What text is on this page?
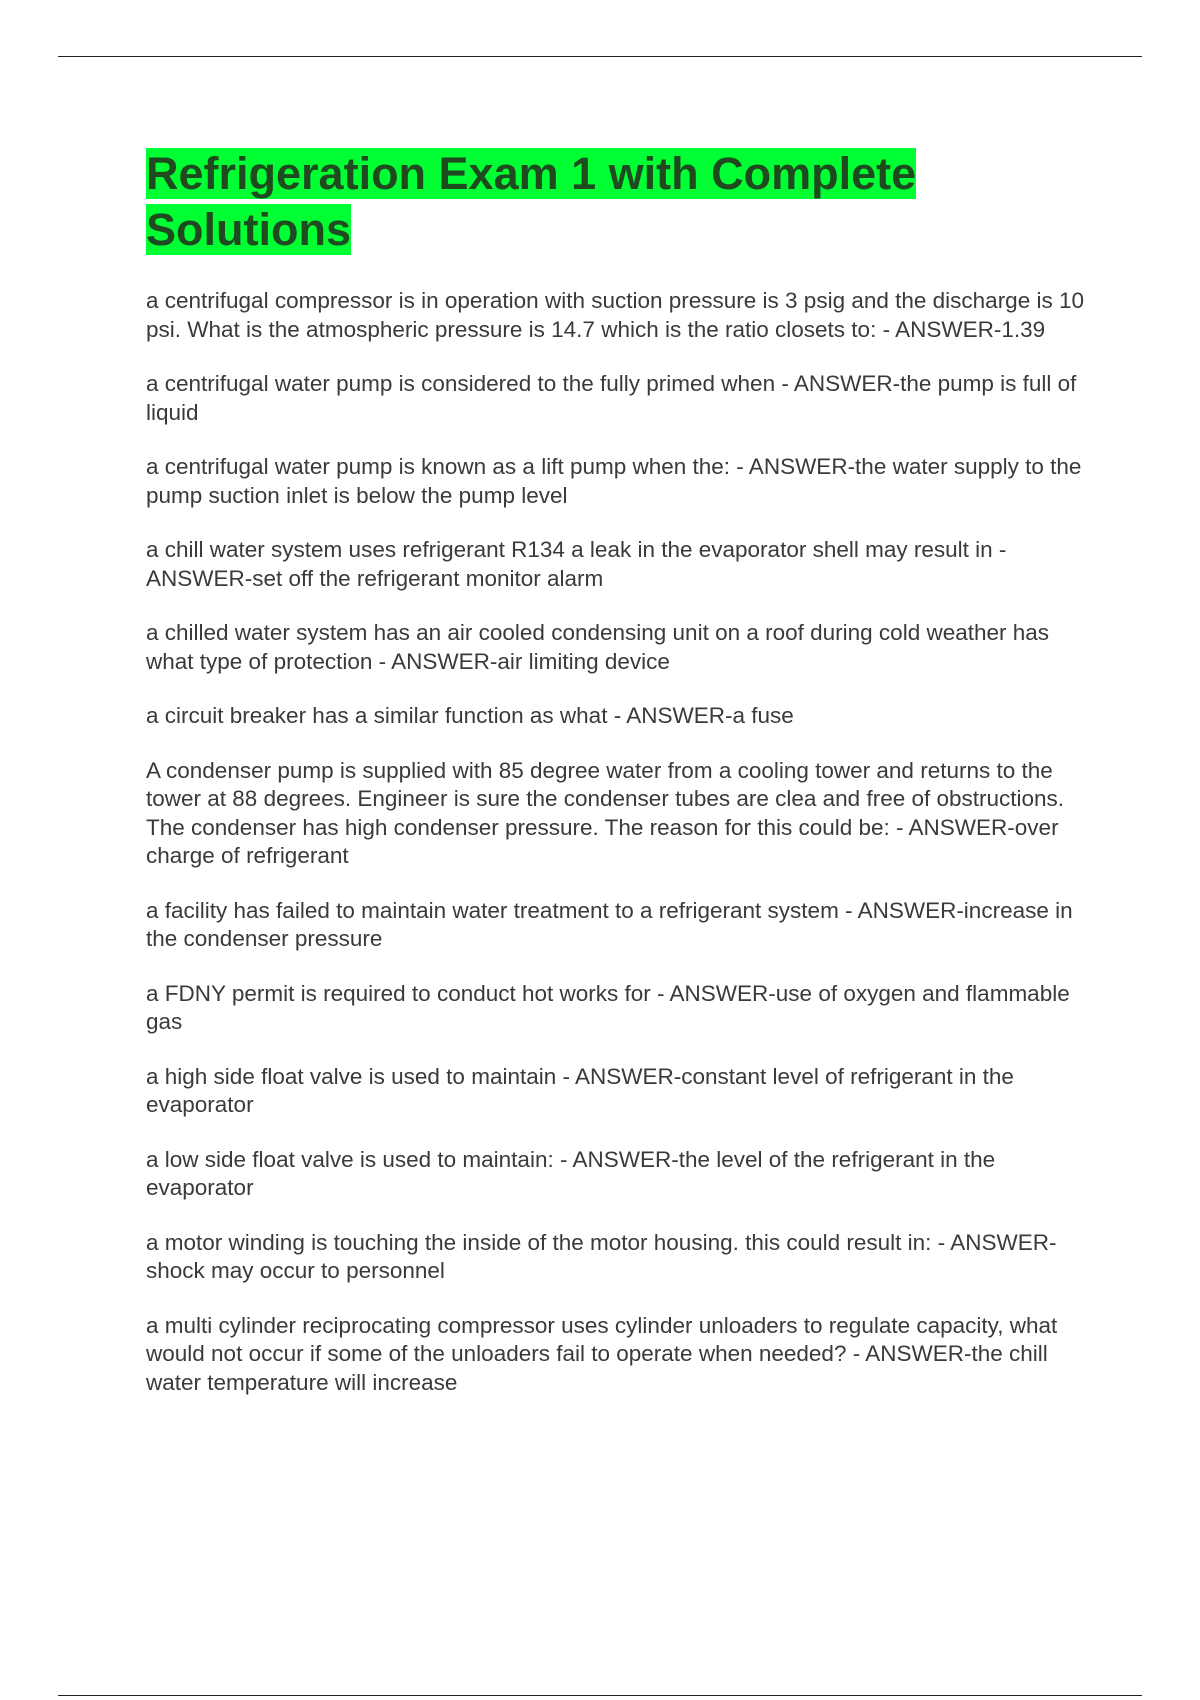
Refrigeration Exam 1 with Complete Solutions
a centrifugal compressor is in operation with suction pressure is 3 psig and the discharge is 10 psi. What is the atmospheric pressure is 14.7 which is the ratio closets to: - ANSWER-1.39
a centrifugal water pump is considered to the fully primed when - ANSWER-the pump is full of liquid
a centrifugal water pump is known as a lift pump when the: - ANSWER-the water supply to the pump suction inlet is below the pump level
a chill water system uses refrigerant R134 a leak in the evaporator shell may result in - ANSWER-set off the refrigerant monitor alarm
a chilled water system has an air cooled condensing unit on a roof during cold weather has what type of protection - ANSWER-air limiting device
a circuit breaker has a similar function as what - ANSWER-a fuse
A condenser pump is supplied with 85 degree water from a cooling tower and returns to the tower at 88 degrees. Engineer is sure the condenser tubes are clea and free of obstructions. The condenser has high condenser pressure. The reason for this could be: - ANSWER-over charge of refrigerant
a facility has failed to maintain water treatment to a refrigerant system - ANSWER-increase in the condenser pressure
a FDNY permit is required to conduct hot works for - ANSWER-use of oxygen and flammable gas
a high side float valve is used to maintain - ANSWER-constant level of refrigerant in the evaporator
a low side float valve is used to maintain: - ANSWER-the level of the refrigerant in the evaporator
a motor winding is touching the inside of the motor housing. this could result in: - ANSWER-shock may occur to personnel
a multi cylinder reciprocating compressor uses cylinder unloaders to regulate capacity, what would not occur if some of the unloaders fail to operate when needed? - ANSWER-the chill water temperature will increase
